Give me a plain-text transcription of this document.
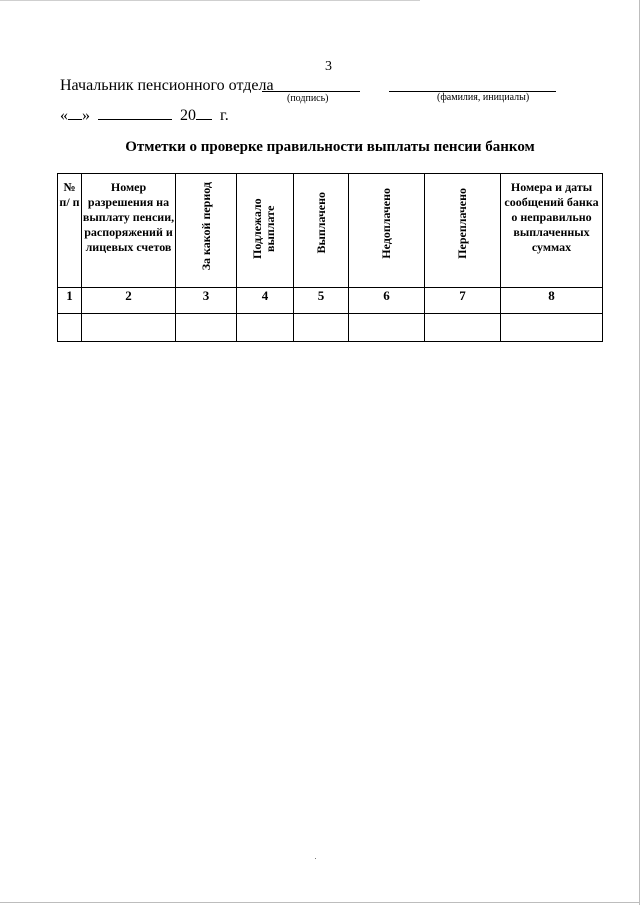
3
Начальник пенсионного отдела
(подпись)	(фамилия, инициалы)
« »	20 г.
Отметки о проверке правильности выплаты пенсии банком
№ п/ п	Номер разрешения на выплату пенсии, распоряжений и лицевых счетов	За какой период	Подлежало выплате	Выплачено	Недоплачено	Переплачено	Номера и даты сообщений банка о неправильно выплаченных суммах

1	2	3	4	5	6	7	8
